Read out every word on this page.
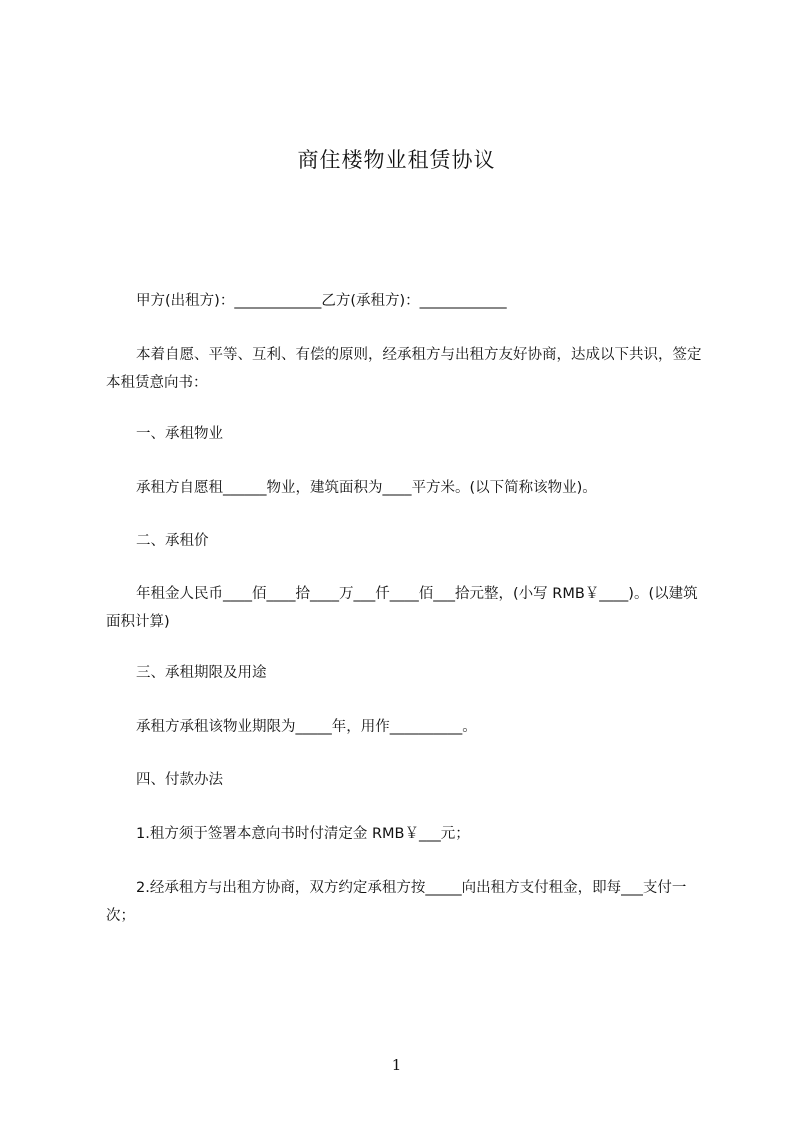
商住楼物业租赁协议
甲方(出租方)：____________乙方(承租方)：____________
本着自愿、平等、互利、有偿的原则，经承租方与出租方友好协商，达成以下共识，签定本租赁意向书：
一、承租物业
承租方自愿租______物业，建筑面积为____平方米。(以下简称该物业)。
二、承租价
年租金人民币____佰____拾____万___仟____佰___拾元整，(小写 RMB￥____)。(以建筑面积计算)
三、承租期限及用途
承租方承租该物业期限为_____年，用作__________。
四、付款办法
1.租方须于签署本意向书时付清定金 RMB￥___元；
2.经承租方与出租方协商，双方约定承租方按_____向出租方支付租金，即每___支付一次；
1
